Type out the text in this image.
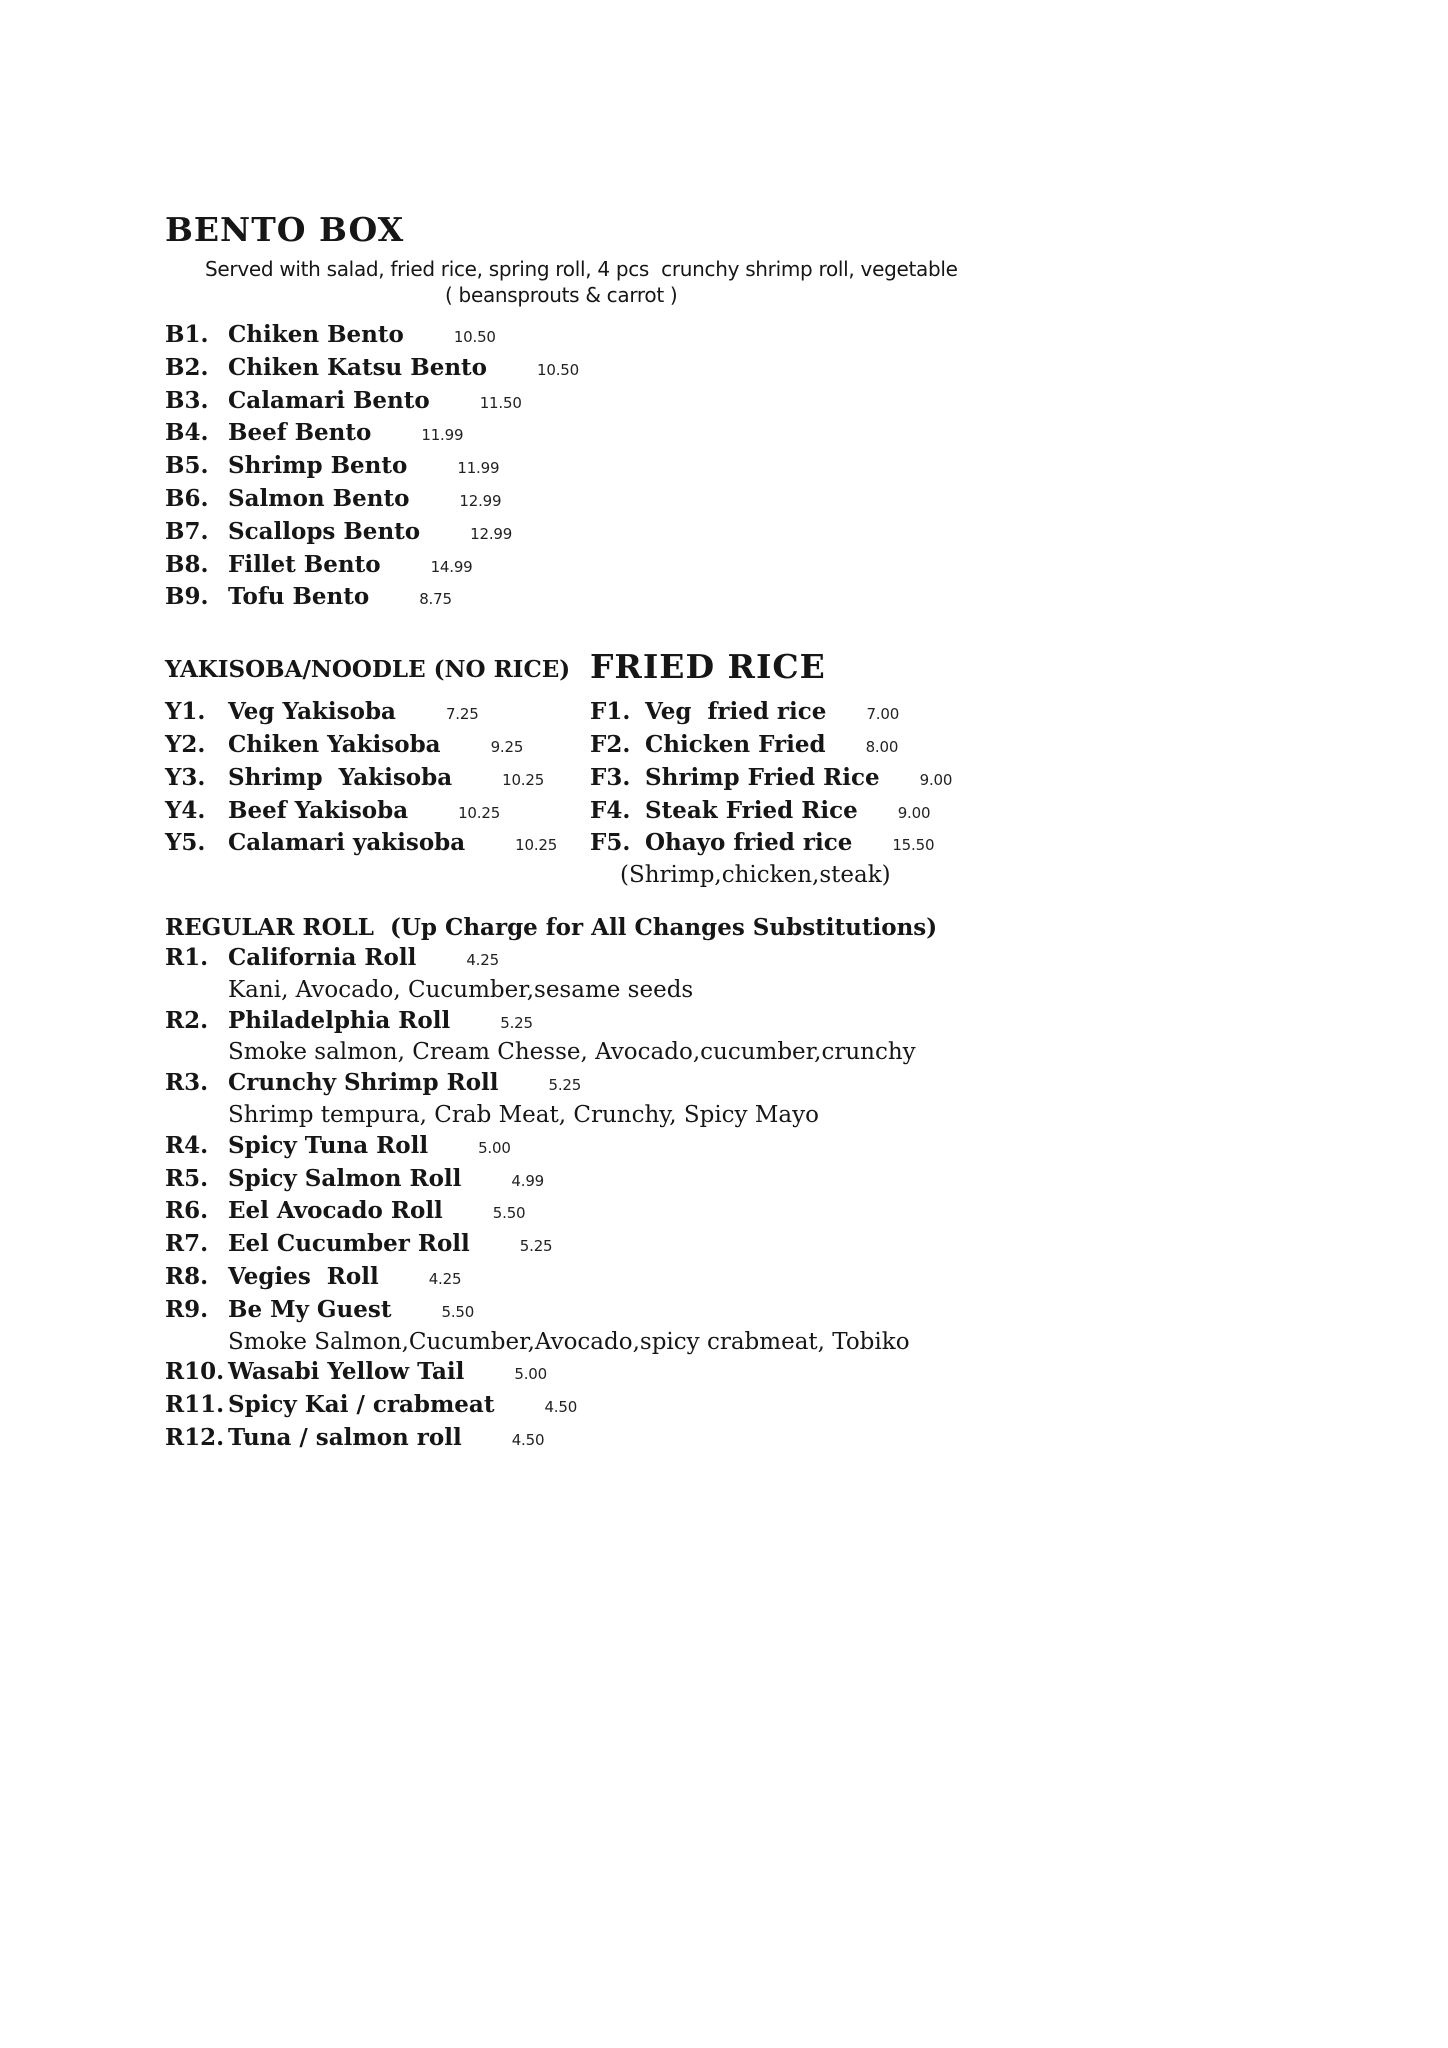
BENTO BOX
Served with salad, fried rice, spring roll, 4 pcs  crunchy shrimp roll, vegetable
( beansprouts & carrot )
B1. Chiken Bento	10.50
B2. Chiken Katsu Bento	10.50
B3. Calamari Bento	11.50
B4. Beef Bento	11.99
B5. Shrimp Bento	11.99
B6. Salmon Bento	12.99
B7. Scallops Bento	12.99
B8. Fillet Bento	14.99
B9. Tofu Bento	8.75
YAKISOBA/NOODLE (NO RICE)
Y1. Veg Yakisoba	7.25
Y2. Chiken Yakisoba	9.25
Y3. Shrimp  Yakisoba	10.25
Y4. Beef Yakisoba	10.25
Y5. Calamari yakisoba	10.25
FRIED RICE
F1. Veg  fried rice	7.00
F2. Chicken Fried	8.00
F3. Shrimp Fried Rice	9.00
F4. Steak Fried Rice	9.00
F5. Ohayo fried rice	15.50
(Shrimp,chicken,steak)
REGULAR ROLL  (Up Charge for All Changes Substitutions)
R1. California Roll	4.25
Kani, Avocado, Cucumber,sesame seeds
R2. Philadelphia Roll	5.25
Smoke salmon, Cream Chesse, Avocado,cucumber,crunchy
R3. Crunchy Shrimp Roll	5.25
Shrimp tempura, Crab Meat, Crunchy, Spicy Mayo
R4. Spicy Tuna Roll	5.00
R5. Spicy Salmon Roll	4.99
R6. Eel Avocado Roll	5.50
R7. Eel Cucumber Roll	5.25
R8. Vegies  Roll	4.25
R9. Be My Guest	5.50
Smoke Salmon,Cucumber,Avocado,spicy crabmeat, Tobiko
R10. Wasabi Yellow Tail	5.00
R11. Spicy Kai / crabmeat	4.50
R12. Tuna / salmon roll	4.50
